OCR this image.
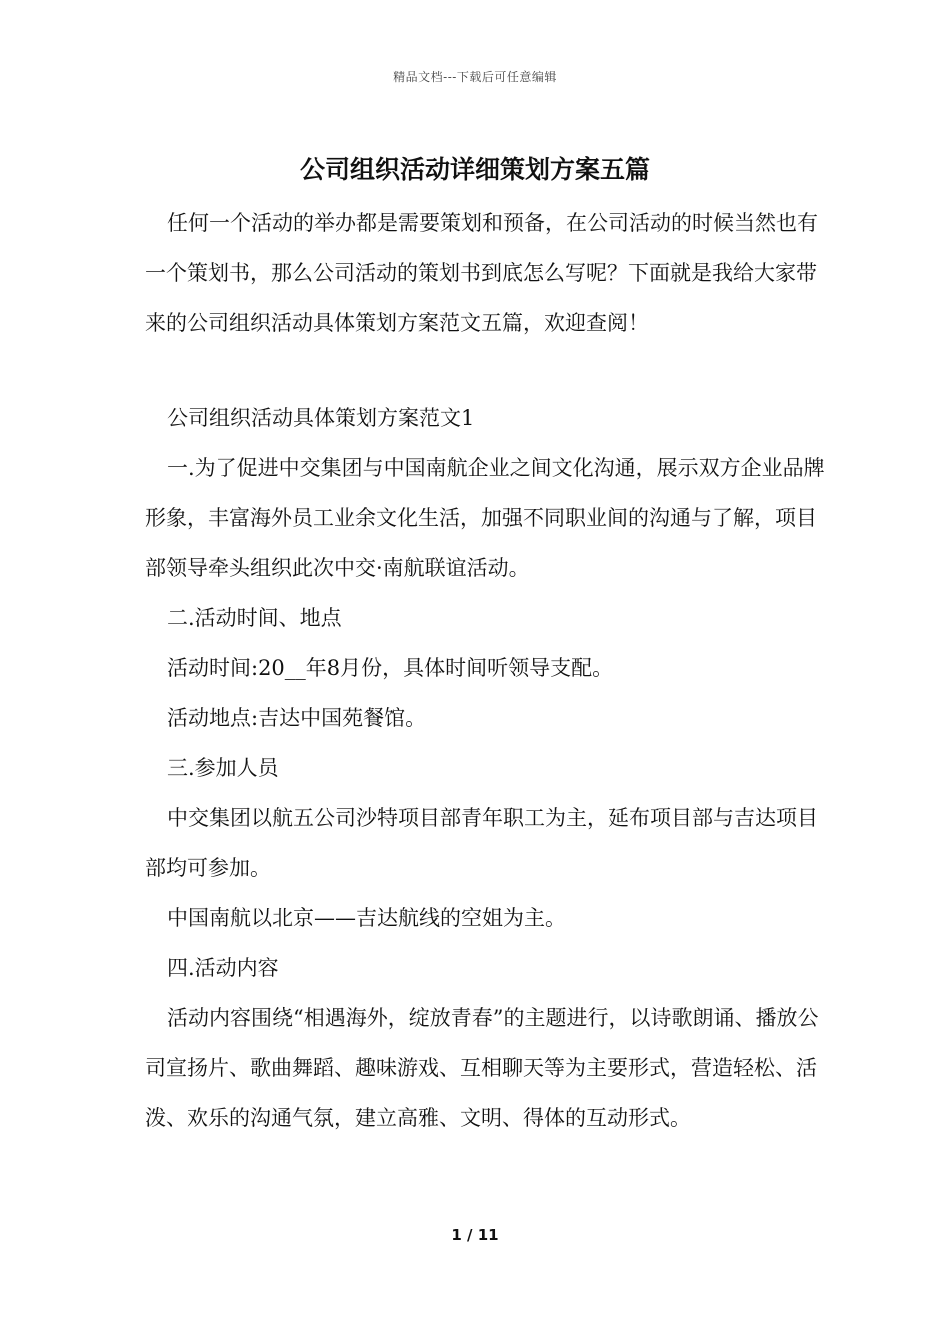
精品文档---下载后可任意编辑
公司组织活动详细策划方案五篇

任何一个活动的举办都是需要策划和预备，在公司活动的时候当然也有一个策划书，那么公司活动的策划书到底怎么写呢？下面就是我给大家带来的公司组织活动具体策划方案范文五篇，欢迎查阅！

公司组织活动具体策划方案范文1

一.为了促进中交集团与中国南航企业之间文化沟通，展示双方企业品牌形象，丰富海外员工业余文化生活，加强不同职业间的沟通与了解，项目部领导牵头组织此次中交·南航联谊活动。

二.活动时间、地点

活动时间:20__年8月份，具体时间听领导支配。

活动地点:吉达中国苑餐馆。

三.参加人员

中交集团以航五公司沙特项目部青年职工为主，延布项目部与吉达项目部均可参加。

中国南航以北京——吉达航线的空姐为主。

四.活动内容

活动内容围绕“相遇海外，绽放青春”的主题进行，以诗歌朗诵、播放公司宣扬片、歌曲舞蹈、趣味游戏、互相聊天等为主要形式，营造轻松、活泼、欢乐的沟通气氛，建立高雅、文明、得体的互动形式。

1 / 11
